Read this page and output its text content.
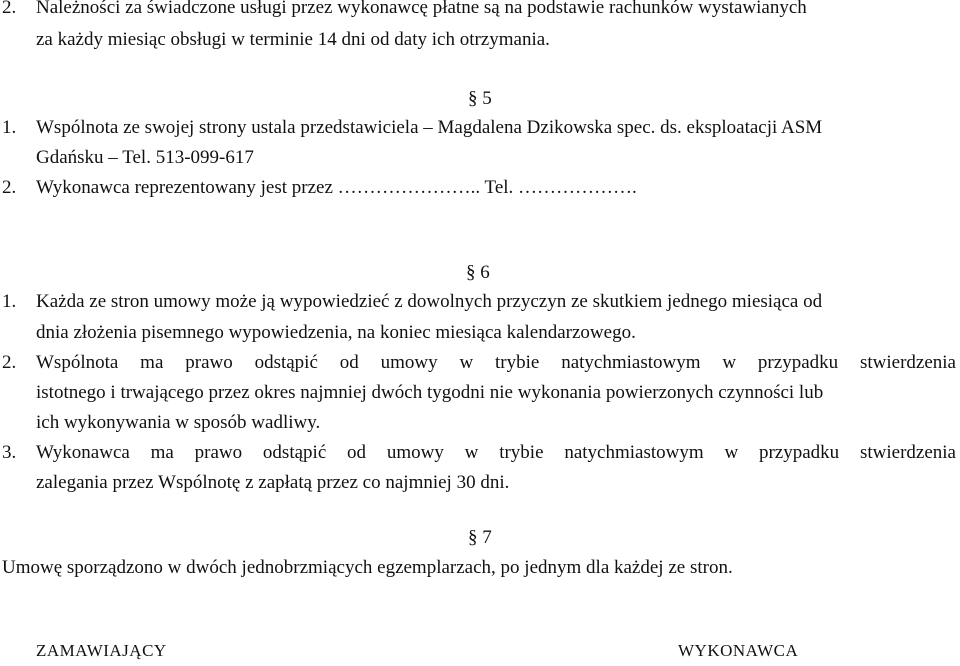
2. Należności za świadczone usługi przez wykonawcę płatne są na podstawie rachunków wystawianych
za każdy miesiąc obsługi w terminie 14 dni od daty ich otrzymania.
§ 5
1. Wspólnota ze swojej strony ustala przedstawiciela – Magdalena Dzikowska spec. ds. eksploatacji ASM
Gdańsku – Tel. 513-099-617
2. Wykonawca reprezentowany jest przez ………………….. Tel. ……………….
§ 6
1. Każda ze stron umowy może ją wypowiedzieć z dowolnych przyczyn ze skutkiem jednego miesiąca od
dnia złożenia pisemnego wypowiedzenia, na koniec miesiąca kalendarzowego.
2. Wspólnota ma prawo odstąpić od umowy w trybie natychmiastowym w przypadku stwierdzenia
istotnego i trwającego przez okres najmniej dwóch tygodni nie wykonania powierzonych czynności lub
ich wykonywania w sposób wadliwy.
3. Wykonawca ma prawo odstąpić od umowy w trybie natychmiastowym w przypadku stwierdzenia
zalegania przez Wspólnotę z zapłatą przez co najmniej 30 dni.
§ 7
Umowę sporządzono w dwóch jednobrzmiących egzemplarzach, po jednym dla każdej ze stron.
ZAMAWIAJĄCY	WYKONAWCA
